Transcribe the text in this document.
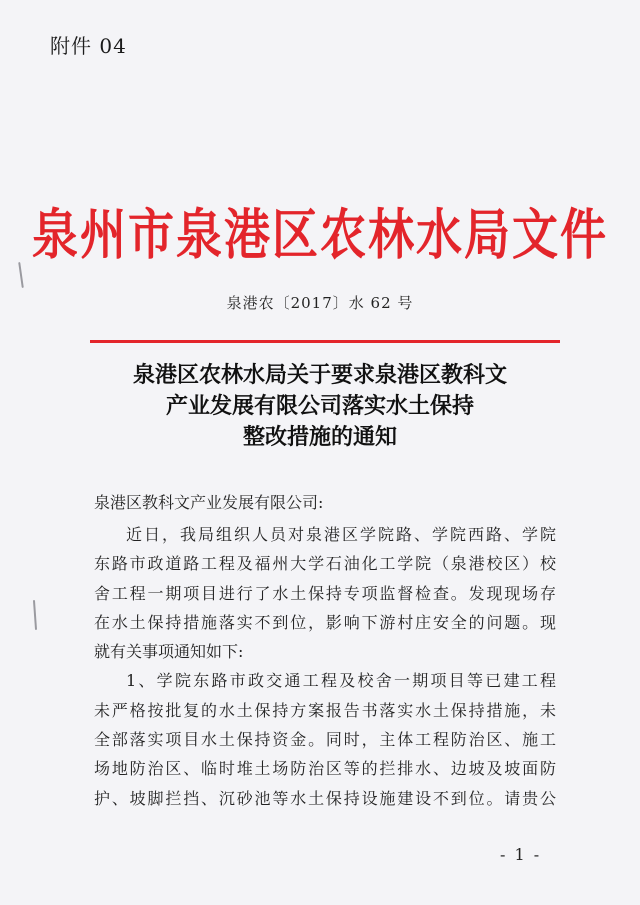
附件 04
泉州市泉港区农林水局文件
泉港农〔2017〕水 62 号
泉港区农林水局关于要求泉港区教科文
产业发展有限公司落实水土保持
整改措施的通知
泉港区教科文产业发展有限公司:
近日，我局组织人员对泉港区学院路、学院西路、学院
东路市政道路工程及福州大学石油化工学院（泉港校区）校
舍工程一期项目进行了水土保持专项监督检查。发现现场存
在水土保持措施落实不到位，影响下游村庄安全的问题。现
就有关事项通知如下:
1、学院东路市政交通工程及校舍一期项目等已建工程
未严格按批复的水土保持方案报告书落实水土保持措施，未
全部落实项目水土保持资金。同时，主体工程防治区、施工
场地防治区、临时堆土场防治区等的拦排水、边坡及坡面防
护、坡脚拦挡、沉砂池等水土保持设施建设不到位。请贵公
- 1 -
